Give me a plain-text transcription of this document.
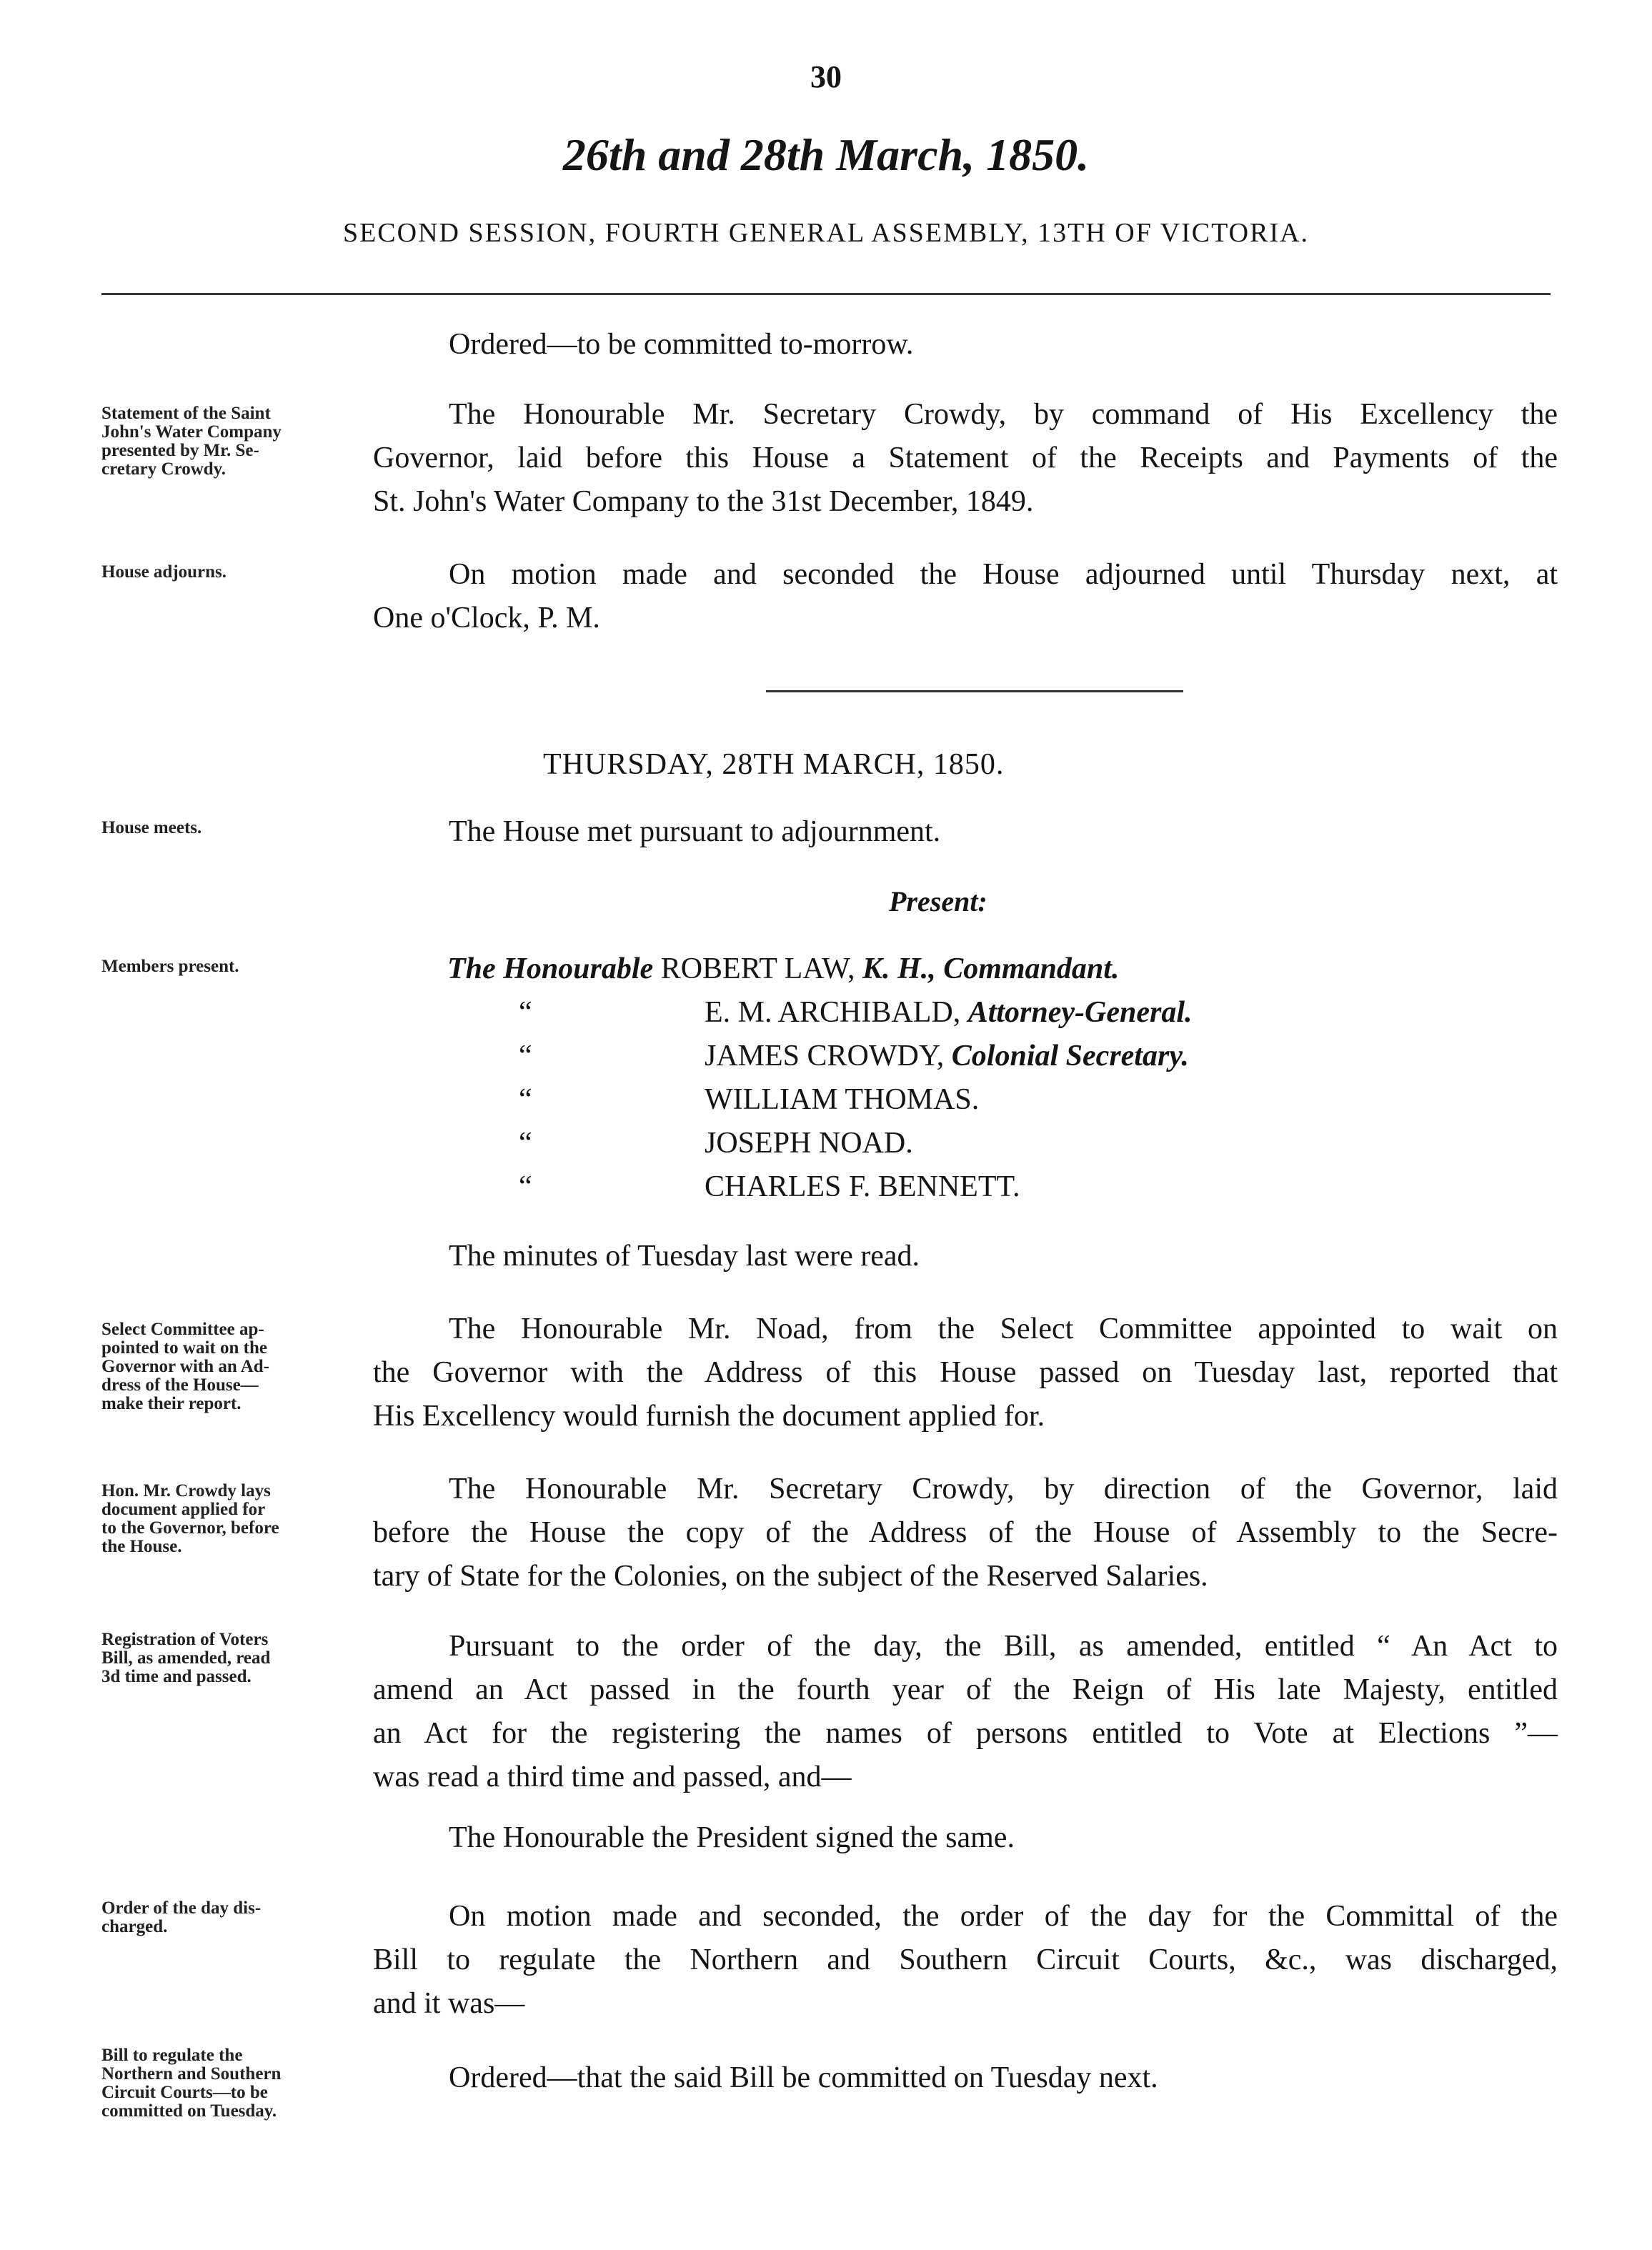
30
26th and 28th March, 1850.
SECOND SESSION, FOURTH GENERAL ASSEMBLY, 13TH OF VICTORIA.
Statement of the Saint
John's Water Company
presented by Mr. Se-
cretary Crowdy.
House adjourns.
House meets.
Members present.
Select Committee ap-
pointed to wait on the
Governor with an Ad-
dress of the House—
make their report.
Hon. Mr. Crowdy lays
document applied for
to the Governor, before
the House.
Registration of Voters
Bill, as amended, read
3d time and passed.
Order of the day dis-
charged.
Bill to regulate the
Northern and Southern
Circuit Courts—to be
committed on Tuesday.
Ordered—to be committed to-morrow.
The Honourable Mr. Secretary Crowdy, by command of His Excellency the
Governor, laid before this House a Statement of the Receipts and Payments of the
St. John's Water Company to the 31st December, 1849.
On motion made and seconded the House adjourned until Thursday next, at
One o'Clock, P. M.
THURSDAY, 28TH MARCH, 1850.
The House met pursuant to adjournment.
Present:
The Honourable ROBERT LAW, K. H., Commandant.
“	E. M. ARCHIBALD, Attorney-General.
“	JAMES CROWDY, Colonial Secretary.
“	WILLIAM THOMAS.
“	JOSEPH NOAD.
“	CHARLES F. BENNETT.
The minutes of Tuesday last were read.
The Honourable Mr. Noad, from the Select Committee appointed to wait on
the Governor with the Address of this House passed on Tuesday last, reported that
His Excellency would furnish the document applied for.
The Honourable Mr. Secretary Crowdy, by direction of the Governor, laid
before the House the copy of the Address of the House of Assembly to the Secre-
tary of State for the Colonies, on the subject of the Reserved Salaries.
Pursuant to the order of the day, the Bill, as amended, entitled “ An Act to
amend an Act passed in the fourth year of the Reign of His late Majesty, entitled
an Act for the registering the names of persons entitled to Vote at Elections ”—
was read a third time and passed, and—
The Honourable the President signed the same.
On motion made and seconded, the order of the day for the Committal of the
Bill to regulate the Northern and Southern Circuit Courts, &c., was discharged,
and it was—
Ordered—that the said Bill be committed on Tuesday next.
